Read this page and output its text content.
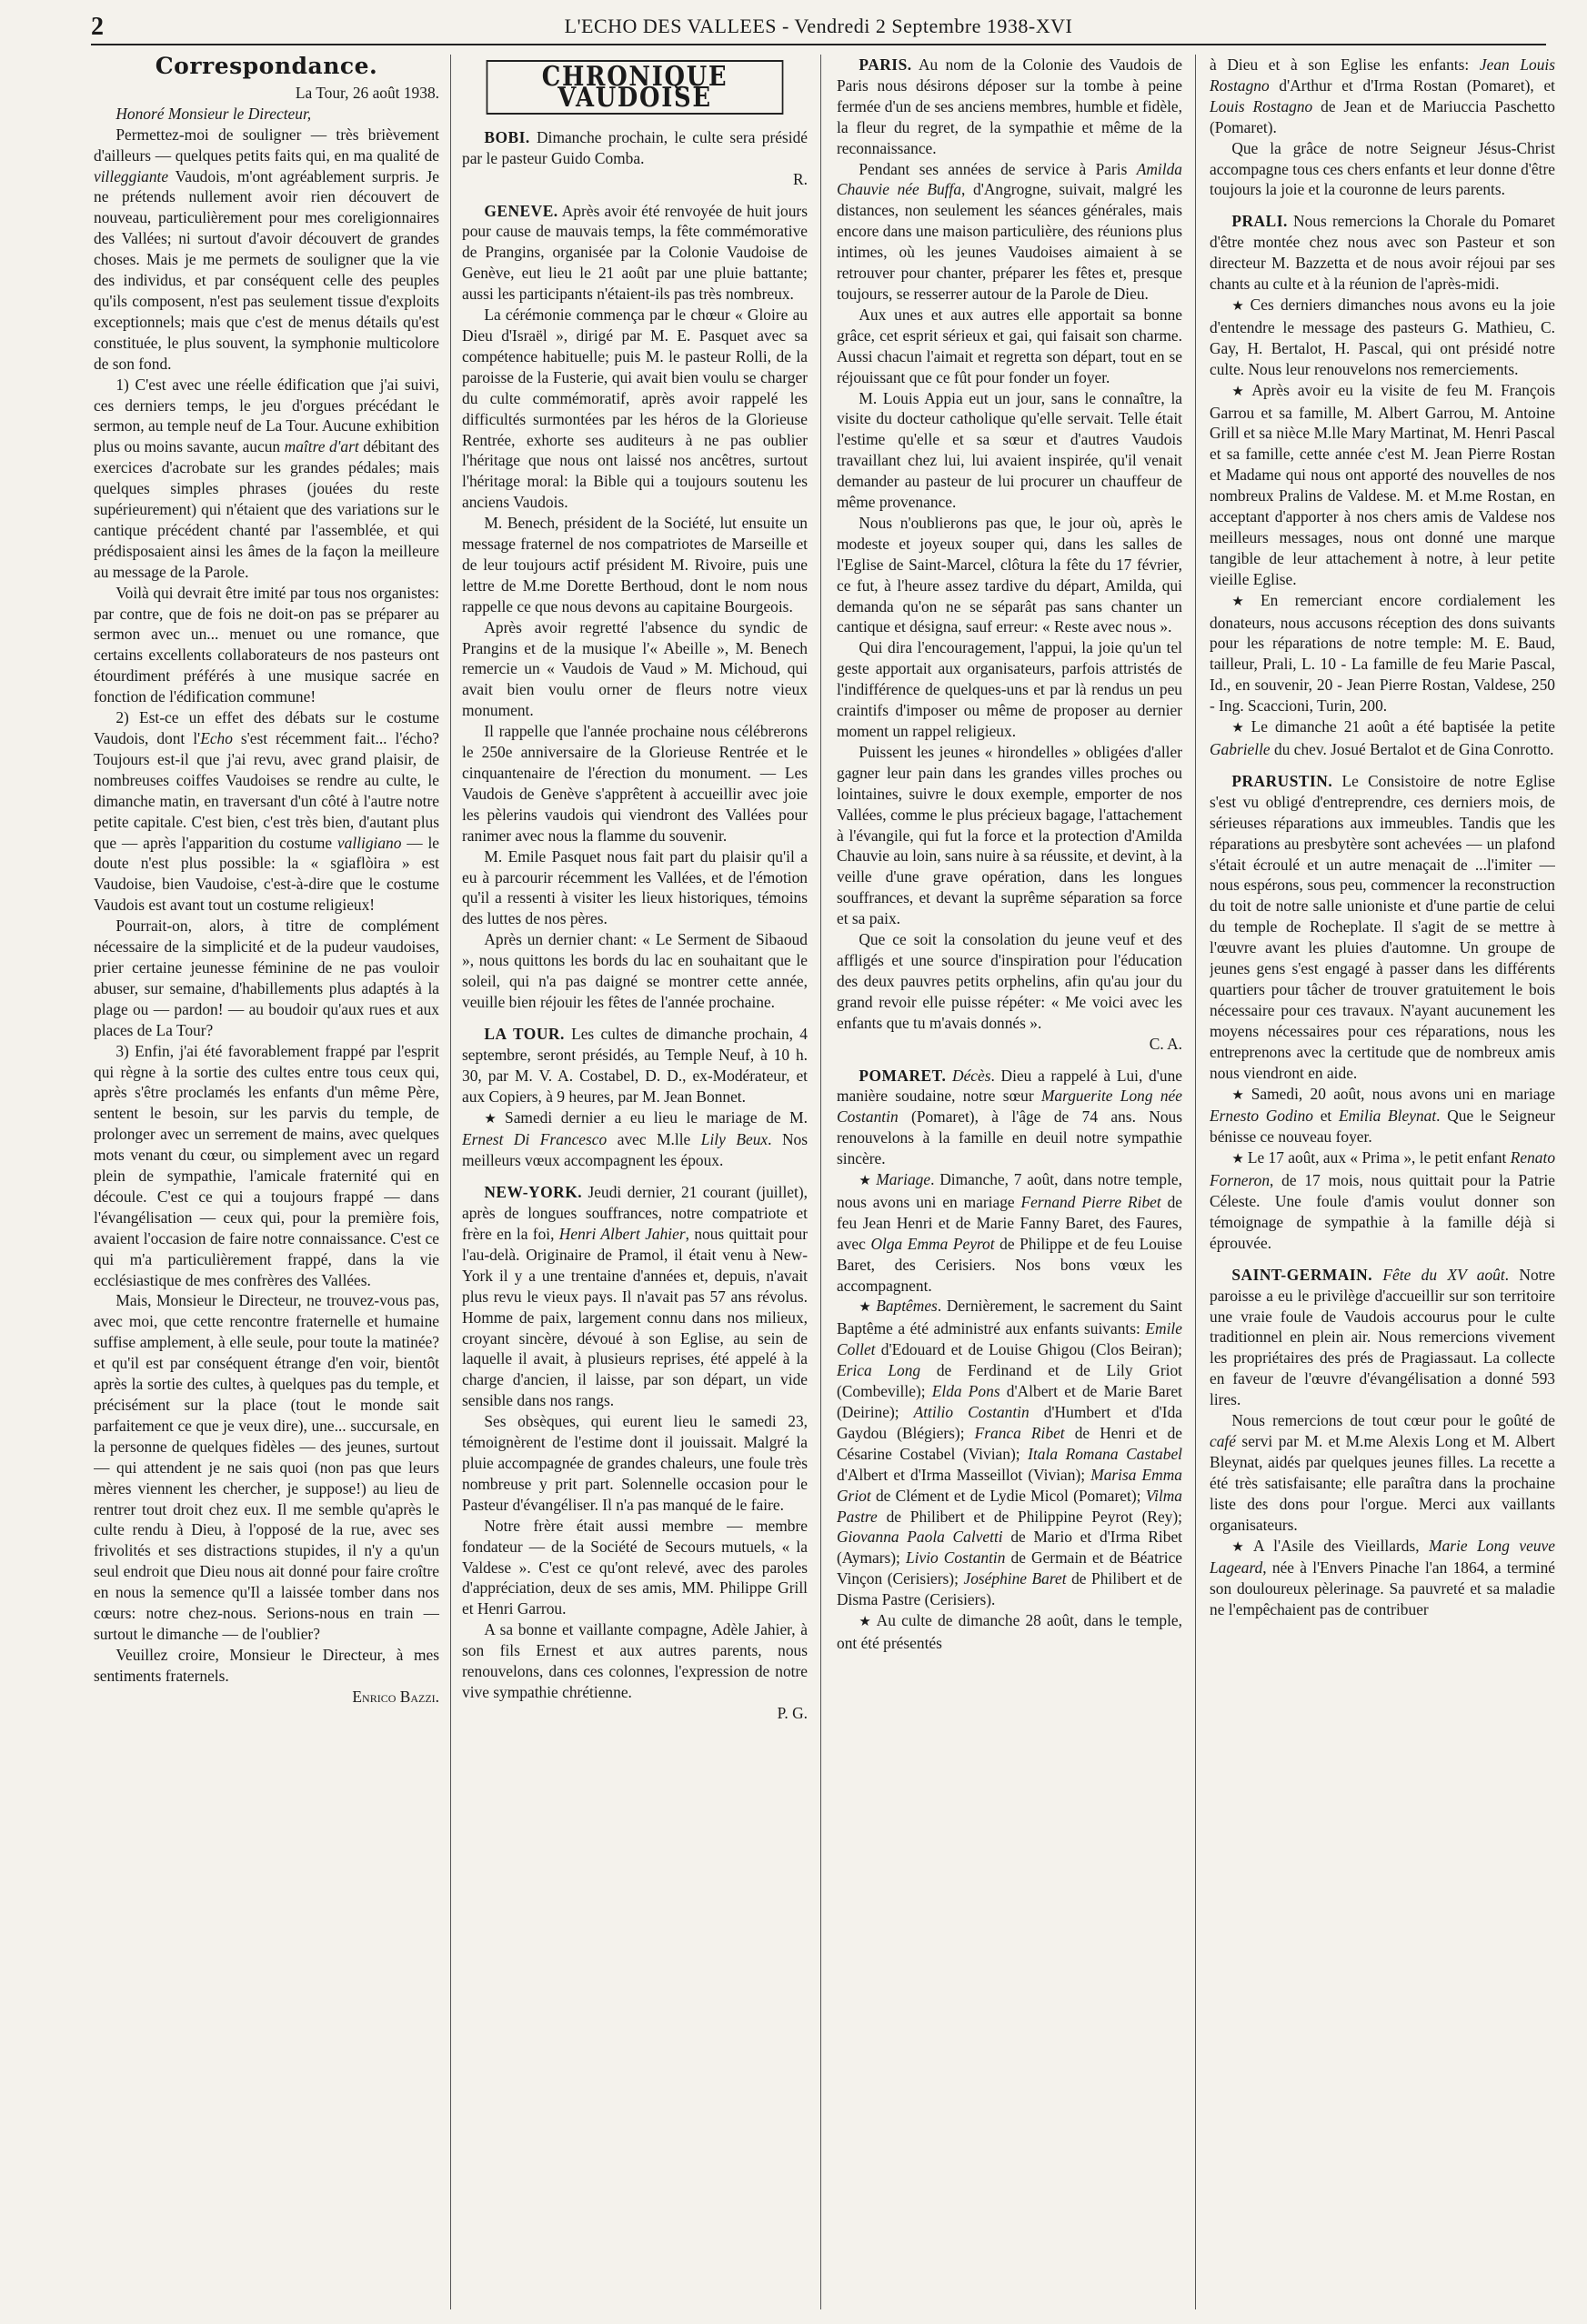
2	L'ECHO DES VALLEES - Vendredi 2 Septembre 1938-XVI
Correspondance.

La Tour, 26 août 1938.

Honoré Monsieur le Directeur,

Permettez-moi de souligner — très brièvement d'ailleurs — quelques petits faits qui, en ma qualité de villeggiante Vaudois, m'ont agréablement surpris. Je ne prétends nullement avoir rien découvert de nouveau, particulièrement pour mes coreligionnaires des Vallées; ni surtout d'avoir découvert de grandes choses. Mais je me permets de souligner que la vie des individus, et par conséquent celle des peuples qu'ils composent, n'est pas seulement tissue d'exploits exceptionnels; mais que c'est de menus détails qu'est constituée, le plus souvent, la symphonie multicolore de son fond.

1) C'est avec une réelle édification que j'ai suivi, ces derniers temps, le jeu d'orgues précédant le sermon, au temple neuf de La Tour. Aucune exhibition plus ou moins savante, aucun maître d'art débitant des exercices d'acrobate sur les grandes pédales; mais quelques simples phrases (jouées du reste supérieurement) qui n'étaient que des variations sur le cantique précédent chanté par l'assemblée, et qui prédisposaient ainsi les âmes de la façon la meilleure au message de la Parole.

Voilà qui devrait être imité par tous nos organistes: par contre, que de fois ne doit-on pas se préparer au sermon avec un... menuet ou une romance, que certains excellents collaborateurs de nos pasteurs ont étourdiment préférés à une musique sacrée en fonction de l'édification commune!

2) Est-ce un effet des débats sur le costume Vaudois, dont l'Echo s'est récemment fait... l'écho? Toujours est-il que j'ai revu, avec grand plaisir, de nombreuses coiffes Vaudoises se rendre au culte, le dimanche matin, en traversant d'un côté à l'autre notre petite capitale. C'est bien, c'est très bien, d'autant plus que — après l'apparition du costume valligiano — le doute n'est plus possible: la « sgiaflòira » est Vaudoise, bien Vaudoise, c'est-à-dire que le costume Vaudois est avant tout un costume religieux!

Pourrait-on, alors, à titre de complément nécessaire de la simplicité et de la pudeur vaudoises, prier certaine jeunesse féminine de ne pas vouloir abuser, sur semaine, d'habillements plus adaptés à la plage ou — pardon! — au boudoir qu'aux rues et aux places de La Tour?

3) Enfin, j'ai été favorablement frappé par l'esprit qui règne à la sortie des cultes entre tous ceux qui, après s'être proclamés les enfants d'un même Père, sentent le besoin, sur les parvis du temple, de prolonger avec un serrement de mains, avec quelques mots venant du cœur, ou simplement avec un regard plein de sympathie, l'amicale fraternité qui en découle. C'est ce qui a toujours frappé — dans l'évangélisation — ceux qui, pour la première fois, avaient l'occasion de faire notre connaissance. C'est ce qui m'a particulièrement frappé, dans la vie ecclésiastique de mes confrères des Vallées.

Mais, Monsieur le Directeur, ne trouvez-vous pas, avec moi, que cette rencontre fraternelle et humaine suffise amplement, à elle seule, pour toute la matinée? et qu'il est par conséquent étrange d'en voir, bientôt après la sortie des cultes, à quelques pas du temple, et précisément sur la place (tout le monde sait parfaitement ce que je veux dire), une... succursale, en la personne de quelques fidèles — des jeunes, surtout — qui attendent je ne sais quoi (non pas que leurs mères viennent les chercher, je suppose!) au lieu de rentrer tout droit chez eux. Il me semble qu'après le culte rendu à Dieu, à l'opposé de la rue, avec ses frivolités et ses distractions stupides, il n'y a qu'un seul endroit que Dieu nous ait donné pour faire croître en nous la semence qu'Il a laissée tomber dans nos cœurs: notre chez-nous. Serions-nous en train — surtout le dimanche — de l'oublier?

Veuillez croire, Monsieur le Directeur, à mes sentiments fraternels.

Enrico Bazzi.

CHRONIQUE VAUDOISE

BOBI. Dimanche prochain, le culte sera présidé par le pasteur Guido Comba.

R.

GENEVE. Après avoir été renvoyée de huit jours pour cause de mauvais temps, la fête commémorative de Prangins, organisée par la Colonie Vaudoise de Genève, eut lieu le 21 août par une pluie battante; aussi les participants n'étaient-ils pas très nombreux.

La cérémonie commença par le chœur « Gloire au Dieu d'Israël », dirigé par M. E. Pasquet avec sa compétence habituelle; puis M. le pasteur Rolli, de la paroisse de la Fusterie, qui avait bien voulu se charger du culte commémoratif, après avoir rappelé les difficultés surmontées par les héros de la Glorieuse Rentrée, exhorte ses auditeurs à ne pas oublier l'héritage que nous ont laissé nos ancêtres, surtout l'héritage moral: la Bible qui a toujours soutenu les anciens Vaudois.

M. Benech, président de la Société, lut ensuite un message fraternel de nos compatriotes de Marseille et de leur toujours actif président M. Rivoire, puis une lettre de M.me Dorette Berthoud, dont le nom nous rappelle ce que nous devons au capitaine Bourgeois.

Après avoir regretté l'absence du syndic de Prangins et de la musique l'« Abeille », M. Benech remercie un « Vaudois de Vaud » M. Michoud, qui avait bien voulu orner de fleurs notre vieux monument.

Il rappelle que l'année prochaine nous célébrerons le 250e anniversaire de la Glorieuse Rentrée et le cinquantenaire de l'érection du monument. — Les Vaudois de Genève s'apprêtent à accueillir avec joie les pèlerins vaudois qui viendront des Vallées pour ranimer avec nous la flamme du souvenir.

M. Emile Pasquet nous fait part du plaisir qu'il a eu à parcourir récemment les Vallées, et de l'émotion qu'il a ressenti à visiter les lieux historiques, témoins des luttes de nos pères.

Après un dernier chant: « Le Serment de Sibaoud », nous quittons les bords du lac en souhaitant que le soleil, qui n'a pas daigné se montrer cette année, veuille bien réjouir les fêtes de l'année prochaine.

LA TOUR. Les cultes de dimanche prochain, 4 septembre, seront présidés, au Temple Neuf, à 10 h. 30, par M. V. A. Costabel, D. D., ex-Modérateur, et aux Copiers, à 9 heures, par M. Jean Bonnet.

★ Samedi dernier a eu lieu le mariage de M. Ernest Di Francesco avec M.lle Lily Beux. Nos meilleurs vœux accompagnent les époux.

NEW-YORK. Jeudi dernier, 21 courant (juillet), après de longues souffrances, notre compatriote et frère en la foi, Henri Albert Jahier, nous quittait pour l'au-delà. Originaire de Pramol, il était venu à New-York il y a une trentaine d'années et, depuis, n'avait plus revu le vieux pays. Il n'avait pas 57 ans révolus. Homme de paix, largement connu dans nos milieux, croyant sincère, dévoué à son Eglise, au sein de laquelle il avait, à plusieurs reprises, été appelé à la charge d'ancien, il laisse, par son départ, un vide sensible dans nos rangs.

Ses obsèques, qui eurent lieu le samedi 23, témoignèrent de l'estime dont il jouissait. Malgré la pluie accompagnée de grandes chaleurs, une foule très nombreuse y prit part. Solennelle occasion pour le Pasteur d'évangéliser. Il n'a pas manqué de le faire.

Notre frère était aussi membre — membre fondateur — de la Société de Secours mutuels, « la Valdese ». C'est ce qu'ont relevé, avec des paroles d'appréciation, deux de ses amis, MM. Philippe Grill et Henri Garrou.

A sa bonne et vaillante compagne, Adèle Jahier, à son fils Ernest et aux autres parents, nous renouvelons, dans ces colonnes, l'expression de notre vive sympathie chrétienne.

P. G.

PARIS. Au nom de la Colonie des Vaudois de Paris nous désirons déposer sur la tombe à peine fermée d'un de ses anciens membres, humble et fidèle, la fleur du regret, de la sympathie et même de la reconnaissance.

Pendant ses années de service à Paris Amilda Chauvie née Buffa, d'Angrogne, suivait, malgré les distances, non seulement les séances générales, mais encore dans une maison particulière, des réunions plus intimes, où les jeunes Vaudoises aimaient à se retrouver pour chanter, préparer les fêtes et, presque toujours, se resserrer autour de la Parole de Dieu.

Aux unes et aux autres elle apportait sa bonne grâce, cet esprit sérieux et gai, qui faisait son charme. Aussi chacun l'aimait et regretta son départ, tout en se réjouissant que ce fût pour fonder un foyer.

M. Louis Appia eut un jour, sans le connaître, la visite du docteur catholique qu'elle servait. Telle était l'estime qu'elle et sa sœur et d'autres Vaudois travaillant chez lui, lui avaient inspirée, qu'il venait demander au pasteur de lui procurer un chauffeur de même provenance.

Nous n'oublierons pas que, le jour où, après le modeste et joyeux souper qui, dans les salles de l'Eglise de Saint-Marcel, clôtura la fête du 17 février, ce fut, à l'heure assez tardive du départ, Amilda, qui demanda qu'on ne se séparât pas sans chanter un cantique et désigna, sauf erreur: « Reste avec nous ».

Qui dira l'encouragement, l'appui, la joie qu'un tel geste apportait aux organisateurs, parfois attristés de l'indifférence de quelques-uns et par là rendus un peu craintifs d'imposer ou même de proposer au dernier moment un rappel religieux.

Puissent les jeunes « hirondelles » obligées d'aller gagner leur pain dans les grandes villes proches ou lointaines, suivre le doux exemple, emporter de nos Vallées, comme le plus précieux bagage, l'attachement à l'évangile, qui fut la force et la protection d'Amilda Chauvie au loin, sans nuire à sa réussite, et devint, à la veille d'une grave opération, dans les longues souffrances, et devant la suprême séparation sa force et sa paix.

Que ce soit la consolation du jeune veuf et des affligés et une source d'inspiration pour l'éducation des deux pauvres petits orphelins, afin qu'au jour du grand revoir elle puisse répéter: « Me voici avec les enfants que tu m'avais donnés ».

C. A.

POMARET. Décès. Dieu a rappelé à Lui, d'une manière soudaine, notre sœur Marguerite Long née Costantin (Pomaret), à l'âge de 74 ans. Nous renouvelons à la famille en deuil notre sympathie sincère.

★ Mariage. Dimanche, 7 août, dans notre temple, nous avons uni en mariage Fernand Pierre Ribet de feu Jean Henri et de Marie Fanny Baret, des Faures, avec Olga Emma Peyrot de Philippe et de feu Louise Baret, des Cerisiers. Nos bons vœux les accompagnent.

★ Baptêmes. Dernièrement, le sacrement du Saint Baptême a été administré aux enfants suivants: Emile Collet d'Edouard et de Louise Ghigou (Clos Beiran); Erica Long de Ferdinand et de Lily Griot (Combeville); Elda Pons d'Albert et de Marie Baret (Deirine); Attilio Costantin d'Humbert et d'Ida Gaydou (Blégiers); Franca Ribet de Henri et de Césarine Costabel (Vivian); Itala Romana Castabel d'Albert et d'Irma Masseillot (Vivian); Marisa Emma Griot de Clément et de Lydie Micol (Pomaret); Vilma Pastre de Philibert et de Philippine Peyrot (Rey); Giovanna Paola Calvetti de Mario et d'Irma Ribet (Aymars); Livio Costantin de Germain et de Béatrice Vinçon (Cerisiers); Joséphine Baret de Philibert et de Disma Pastre (Cerisiers).

★ Au culte de dimanche 28 août, dans le temple, ont été présentés

à Dieu et à son Eglise les enfants: Jean Louis Rostagno d'Arthur et d'Irma Rostan (Pomaret), et Louis Rostagno de Jean et de Mariuccia Paschetto (Pomaret).

Que la grâce de notre Seigneur Jésus-Christ accompagne tous ces chers enfants et leur donne d'être toujours la joie et la couronne de leurs parents.

PRALI. Nous remercions la Chorale du Pomaret d'être montée chez nous avec son Pasteur et son directeur M. Bazzetta et de nous avoir réjoui par ses chants au culte et à la réunion de l'après-midi.

★ Ces derniers dimanches nous avons eu la joie d'entendre le message des pasteurs G. Mathieu, C. Gay, H. Bertalot, H. Pascal, qui ont présidé notre culte. Nous leur renouvelons nos remerciements.

★ Après avoir eu la visite de feu M. François Garrou et sa famille, M. Albert Garrou, M. Antoine Grill et sa nièce M.lle Mary Martinat, M. Henri Pascal et sa famille, cette année c'est M. Jean Pierre Rostan et Madame qui nous ont apporté des nouvelles de nos nombreux Pralins de Valdese. M. et M.me Rostan, en acceptant d'apporter à nos chers amis de Valdese nos meilleurs messages, nous ont donné une marque tangible de leur attachement à notre, à leur petite vieille Eglise.

★ En remerciant encore cordialement les donateurs, nous accusons réception des dons suivants pour les réparations de notre temple: M. E. Baud, tailleur, Prali, L. 10 - La famille de feu Marie Pascal, Id., en souvenir, 20 - Jean Pierre Rostan, Valdese, 250 - Ing. Scaccioni, Turin, 200.

★ Le dimanche 21 août a été baptisée la petite Gabrielle du chev. Josué Bertalot et de Gina Conrotto.

PRARUSTIN. Le Consistoire de notre Eglise s'est vu obligé d'entreprendre, ces derniers mois, de sérieuses réparations aux immeubles. Tandis que les réparations au presbytère sont achevées — un plafond s'était écroulé et un autre menaçait de ...l'imiter — nous espérons, sous peu, commencer la reconstruction du toit de notre salle unioniste et d'une partie de celui du temple de Rocheplate. Il s'agit de se mettre à l'œuvre avant les pluies d'automne. Un groupe de jeunes gens s'est engagé à passer dans les différents quartiers pour tâcher de trouver gratuitement le bois nécessaire pour ces travaux. N'ayant aucunement les moyens nécessaires pour ces réparations, nous les entreprenons avec la certitude que de nombreux amis nous viendront en aide.

★ Samedi, 20 août, nous avons uni en mariage Ernesto Godino et Emilia Bleynat. Que le Seigneur bénisse ce nouveau foyer.

★ Le 17 août, aux « Prima », le petit enfant Renato Forneron, de 17 mois, nous quittait pour la Patrie Céleste. Une foule d'amis voulut donner son témoignage de sympathie à la famille déjà si éprouvée.

SAINT-GERMAIN. Fête du XV août. Notre paroisse a eu le privilège d'accueillir sur son territoire une vraie foule de Vaudois accourus pour le culte traditionnel en plein air. Nous remercions vivement les propriétaires des prés de Pragiassaut. La collecte en faveur de l'œuvre d'évangélisation a donné 593 lires.

Nous remercions de tout cœur pour le goûté de café servi par M. et M.me Alexis Long et M. Albert Bleynat, aidés par quelques jeunes filles. La recette a été très satisfaisante; elle paraîtra dans la prochaine liste des dons pour l'orgue. Merci aux vaillants organisateurs.

★ A l'Asile des Vieillards, Marie Long veuve Lageard, née à l'Envers Pinache l'an 1864, a terminé son douloureux pèlerinage. Sa pauvreté et sa maladie ne l'empêchaient pas de contribuer
